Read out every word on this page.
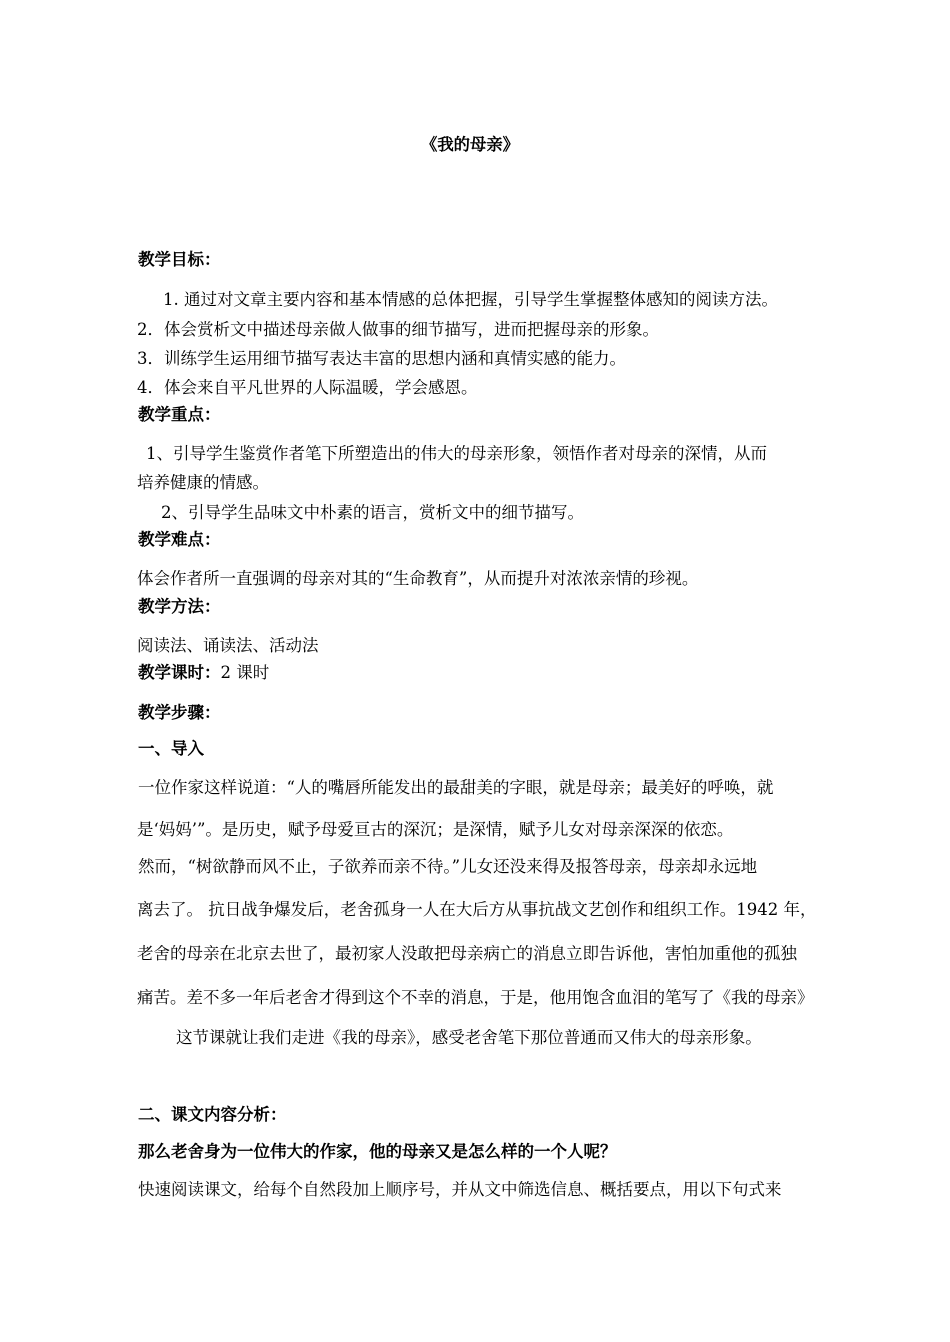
《我的母亲》
教学目标：
1. 通过对文章主要内容和基本情感的总体把握，引导学生掌握整体感知的阅读方法。
2．体会赏析文中描述母亲做人做事的细节描写，进而把握母亲的形象。
3．训练学生运用细节描写表达丰富的思想内涵和真情实感的能力。
4．体会来自平凡世界的人际温暖，学会感恩。
教学重点：
1、引导学生鉴赏作者笔下所塑造出的伟大的母亲形象，领悟作者对母亲的深情，从而
培养健康的情感。
2、引导学生品味文中朴素的语言，赏析文中的细节描写。
教学难点：
体会作者所一直强调的母亲对其的“生命教育”，从而提升对浓浓亲情的珍视。
教学方法：
阅读法、诵读法、活动法
教学课时：2 课时
教学步骤：
一、导入
一位作家这样说道：“人的嘴唇所能发出的最甜美的字眼，就是母亲；最美好的呼唤，就
是‘妈妈’”。是历史，赋予母爱亘古的深沉；是深情，赋予儿女对母亲深深的依恋。
然而，“树欲静而风不止，子欲养而亲不待。”儿女还没来得及报答母亲，母亲却永远地
离去了。 抗日战争爆发后，老舍孤身一人在大后方从事抗战文艺创作和组织工作。1942 年，
老舍的母亲在北京去世了，最初家人没敢把母亲病亡的消息立即告诉他，害怕加重他的孤独
痛苦。差不多一年后老舍才得到这个不幸的消息，于是，他用饱含血泪的笔写了《我的母亲》
这节课就让我们走进《我的母亲》，感受老舍笔下那位普通而又伟大的母亲形象。
二、课文内容分析：
那么老舍身为一位伟大的作家，他的母亲又是怎么样的一个人呢？
快速阅读课文，给每个自然段加上顺序号，并从文中筛选信息、概括要点，用以下句式来
